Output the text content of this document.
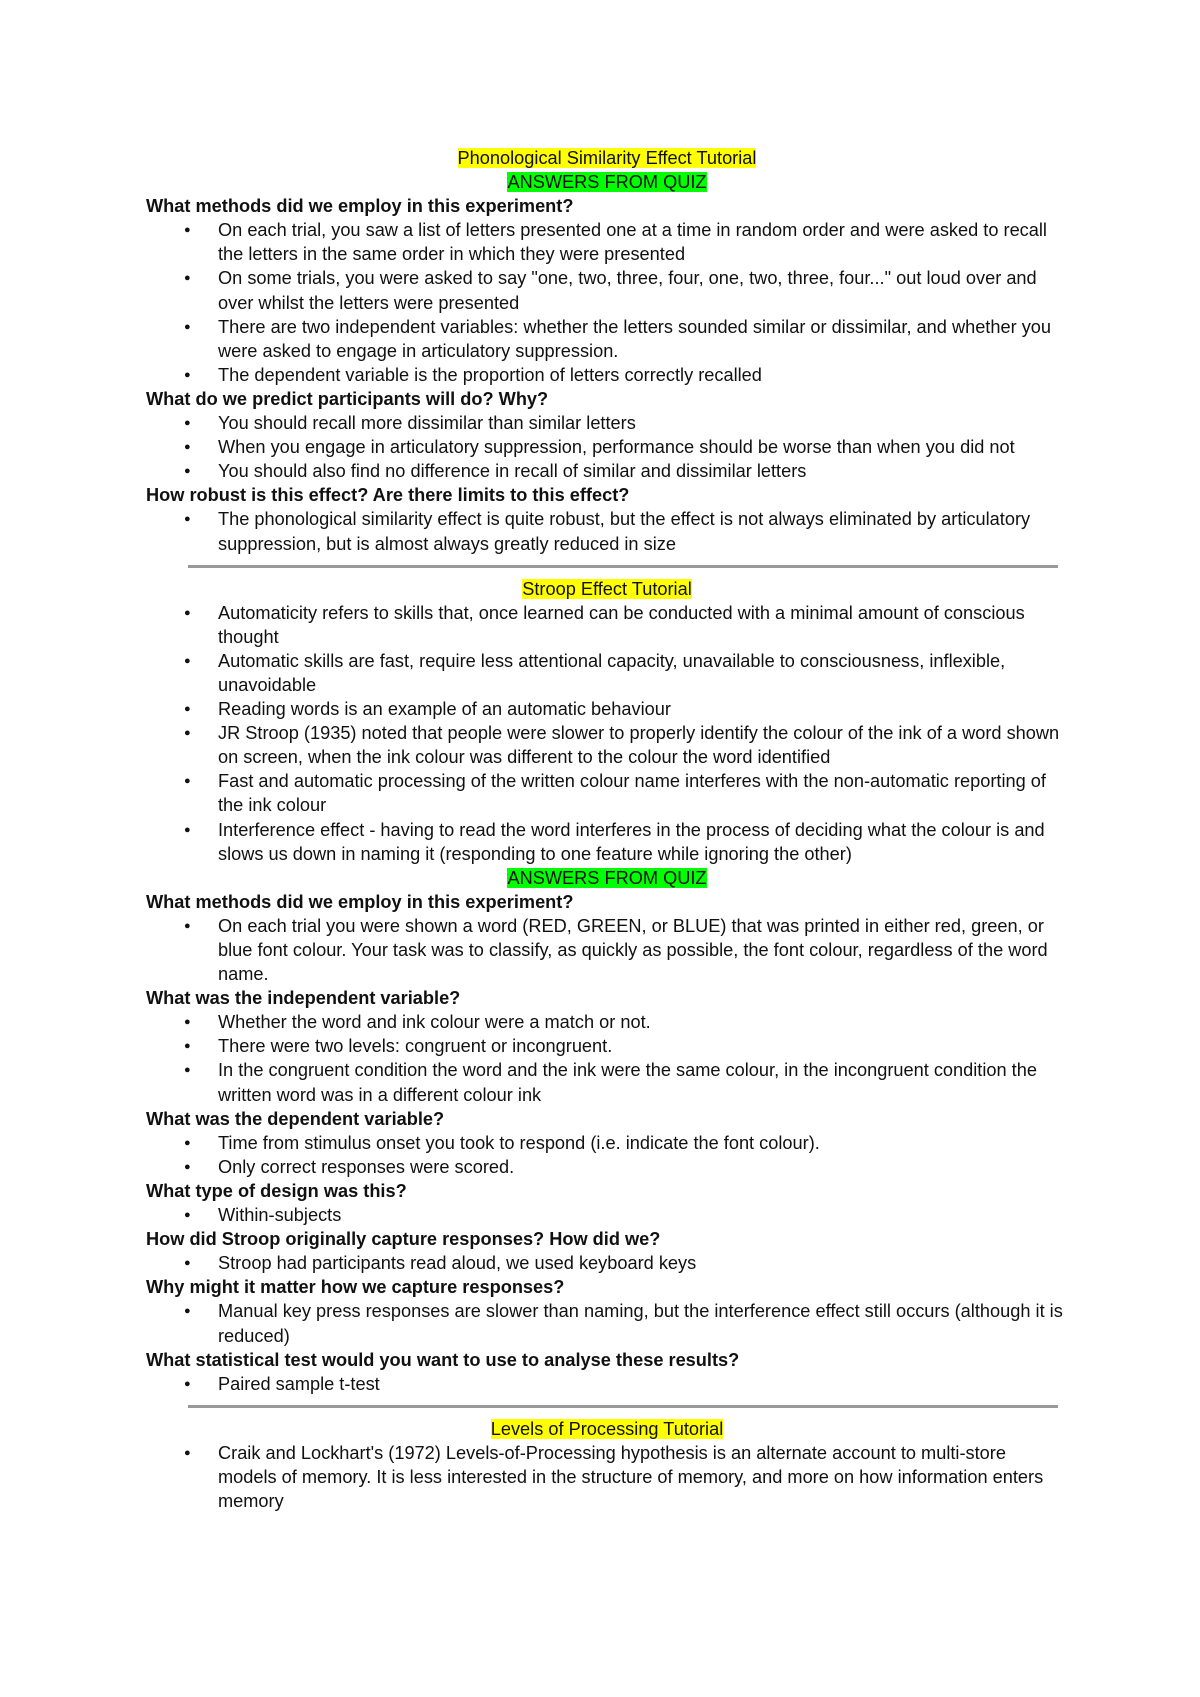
Phonological Similarity Effect Tutorial
ANSWERS FROM QUIZ
What methods did we employ in this experiment?
● On each trial, you saw a list of letters presented one at a time in random order and were asked to recall the letters in the same order in which they were presented
● On some trials, you were asked to say "one, two, three, four, one, two, three, four..." out loud over and over whilst the letters were presented
● There are two independent variables: whether the letters sounded similar or dissimilar, and whether you were asked to engage in articulatory suppression.
● The dependent variable is the proportion of letters correctly recalled
What do we predict participants will do? Why?
● You should recall more dissimilar than similar letters
● When you engage in articulatory suppression, performance should be worse than when you did not
● You should also find no difference in recall of similar and dissimilar letters
How robust is this effect? Are there limits to this effect?
● The phonological similarity effect is quite robust, but the effect is not always eliminated by articulatory suppression, but is almost always greatly reduced in size
Stroop Effect Tutorial
● Automaticity refers to skills that, once learned can be conducted with a minimal amount of conscious thought
● Automatic skills are fast, require less attentional capacity, unavailable to consciousness, inflexible, unavoidable
● Reading words is an example of an automatic behaviour
● JR Stroop (1935) noted that people were slower to properly identify the colour of the ink of a word shown on screen, when the ink colour was different to the colour the word identified
● Fast and automatic processing of the written colour name interferes with the non-automatic reporting of the ink colour
● Interference effect - having to read the word interferes in the process of deciding what the colour is and slows us down in naming it (responding to one feature while ignoring the other)
ANSWERS FROM QUIZ
What methods did we employ in this experiment?
● On each trial you were shown a word (RED, GREEN, or BLUE) that was printed in either red, green, or blue font colour. Your task was to classify, as quickly as possible, the font colour, regardless of the word name.
What was the independent variable?
● Whether the word and ink colour were a match or not.
● There were two levels: congruent or incongruent.
● In the congruent condition the word and the ink were the same colour, in the incongruent condition the written word was in a different colour ink
What was the dependent variable?
● Time from stimulus onset you took to respond (i.e. indicate the font colour).
● Only correct responses were scored.
What type of design was this?
● Within-subjects
How did Stroop originally capture responses? How did we?
● Stroop had participants read aloud, we used keyboard keys
Why might it matter how we capture responses?
● Manual key press responses are slower than naming, but the interference effect still occurs (although it is reduced)
What statistical test would you want to use to analyse these results?
● Paired sample t-test
Levels of Processing Tutorial
● Craik and Lockhart's (1972) Levels-of-Processing hypothesis is an alternate account to multi-store models of memory. It is less interested in the structure of memory, and more on how information enters memory
